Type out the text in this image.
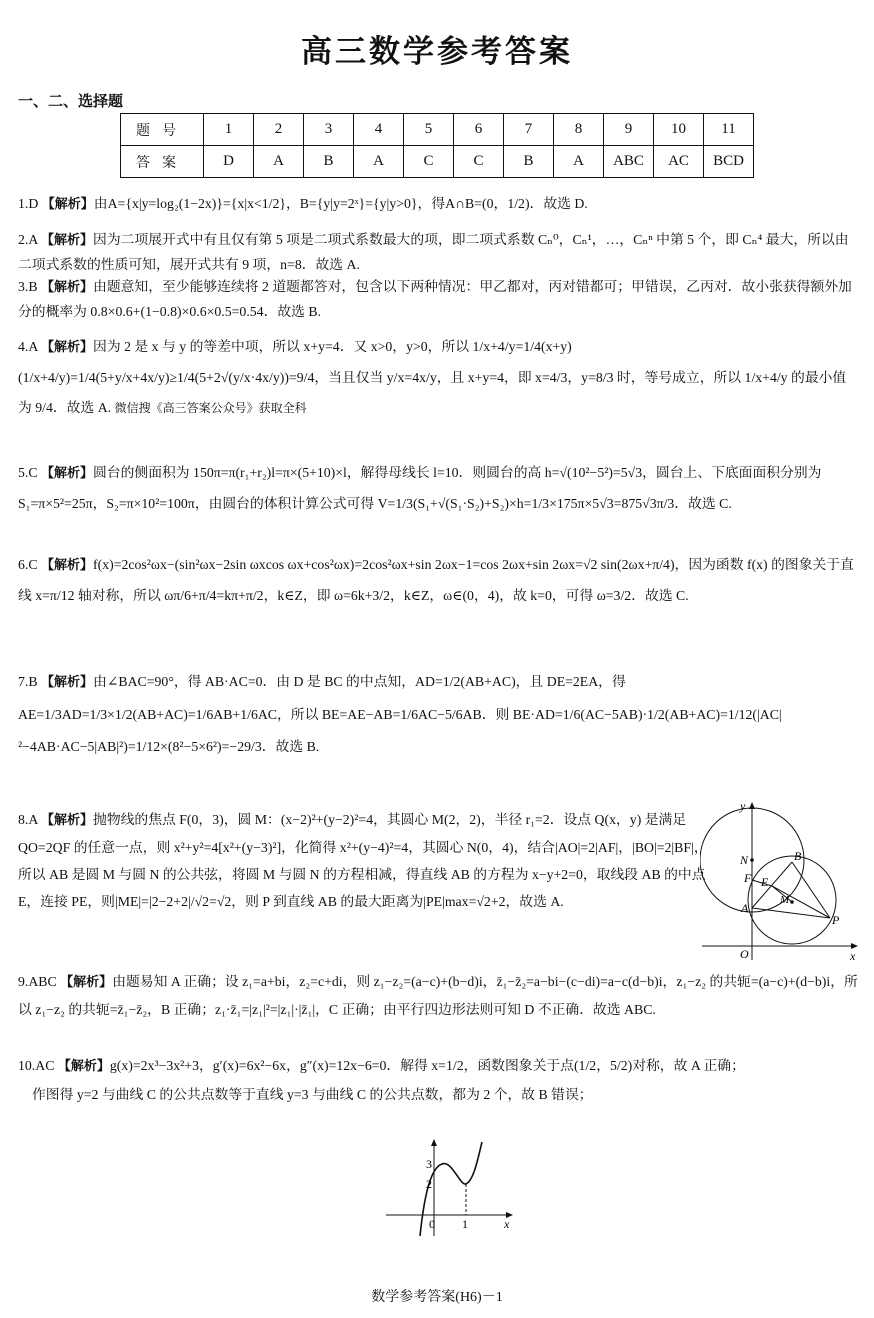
高三数学参考答案
一、二、选择题
题号	1	2	3	4	5	6	7	8	9	10	11
答案	D	A	B	A	C	C	B	A	ABC	AC	BCD
1.D 【解析】由A={x|y=log₂(1−2x)}={x|x<1/2}，B={y|y=2ˣ}={y|y>0}，得A∩B=(0，1/2)．故选 D.
2.A 【解析】因为二项展开式中有且仅有第 5 项是二项式系数最大的项，即二项式系数 Cₙ⁰，Cₙ¹，…，Cₙⁿ 中第 5 个，即 Cₙ⁴ 最大，所以由二项式系数的性质可知，展开式共有 9 项，n=8．故选 A.
3.B 【解析】由题意知，至少能够连续将 2 道题都答对，包含以下两种情况：甲乙都对，丙对错都可；甲错误，乙丙对．故小张获得额外加分的概率为 0.8×0.6+(1−0.8)×0.6×0.5=0.54．故选 B.
4.A 【解析】因为 2 是 x 与 y 的等差中项，所以 x+y=4．又 x>0，y>0，所以 1/x+4/y=1/4(x+y)(1/x+4/y)=1/4(5+y/x+4x/y)≥1/4(5+2√(y/x·4x/y))=9/4，当且仅当 y/x=4x/y，且 x+y=4，即 x=4/3，y=8/3 时，等号成立，所以 1/x+4/y 的最小值为 9/4．故选 A. 微信搜《高三答案公众号》获取全科
5.C 【解析】圆台的侧面积为 150π=π(r₁+r₂)l=π×(5+10)×l，解得母线长 l=10．则圆台的高 h=√(10²−5²)=5√3，圆台上、下底面面积分别为 S₁=π×5²=25π，S₂=π×10²=100π，由圆台的体积计算公式可得 V=1/3(S₁+√(S₁·S₂)+S₂)×h=1/3×175π×5√3=875√3π/3．故选 C.
6.C 【解析】f(x)=2cos²ωx−(sin²ωx−2sin ωxcos ωx+cos²ωx)=2cos²ωx+sin 2ωx−1=cos 2ωx+sin 2ωx=√2 sin(2ωx+π/4)，因为函数 f(x) 的图象关于直线 x=π/12 轴对称，所以 ωπ/6+π/4=kπ+π/2，k∈Z，即 ω=6k+3/2，k∈Z，ω∈(0，4)，故 k=0，可得 ω=3/2．故选 C.
7.B 【解析】由∠BAC=90°，得 AB·AC=0．由 D 是 BC 的中点知，AD=1/2(AB+AC)，且 DE=2EA，得 AE=1/3AD=1/3×1/2(AB+AC)=1/6AB+1/6AC，所以 BE=AE−AB=1/6AC−5/6AB．则 BE·AD=1/6(AC−5AB)·1/2(AB+AC)=1/12(|AC|²−4AB·AC−5|AB|²)=1/12×(8²−5×6²)=−29/3．故选 B.
8.A 【解析】抛物线的焦点 F(0，3)，圆 M：(x−2)²+(y−2)²=4，其圆心 M(2，2)，半径 r₁=2．设点 Q(x，y) 是满足 QO=2QF 的任意一点，则 x²+y²=4[x²+(y−3)²]，化简得 x²+(y−4)²=4，其圆心 N(0，4)，结合|AO|=2|AF|，|BO|=2|BF|，所以 AB 是圆 M 与圆 N 的公共弦，将圆 M 与圆 N 的方程相减，得直线 AB 的方程为 x−y+2=0，取线段 AB 的中点 E，连接 PE，则|ME|=|2−2+2|/√2=√2，则 P 到直线 AB 的最大距离为|PE|max=√2+2，故选 A.
y
x
N	B
E
F
A
M
P
O
9.ABC 【解析】由题易知 A 正确；设 z₁=a+bi，z₂=c+di，则 z₁−z₂=(a−c)+(b−d)i，z̄₁−z̄₂=a−bi−(c−di)=a−c(d−b)i，z₁−z₂ 的共轭=(a−c)+(d−b)i，所以 z₁−z₂ 的共轭=z̄₁−z̄₂，B 正确；z₁·z̄₁=|z₁|²=|z₁|·|z̄₁|，C 正确；由平行四边形法则可知 D 不正确．故选 ABC.
10.AC 【解析】g(x)=2x³−3x²+3，g′(x)=6x²−6x，g″(x)=12x−6=0．解得 x=1/2，函数图象关于点(1/2，5/2)对称，故 A 正确；
作图得 y=2 与曲线 C 的公共点数等于直线 y=3 与曲线 C 的公共点数，都为 2 个，故 B 错误；
3
2
0 1	x
数学参考答案(H6)－1
